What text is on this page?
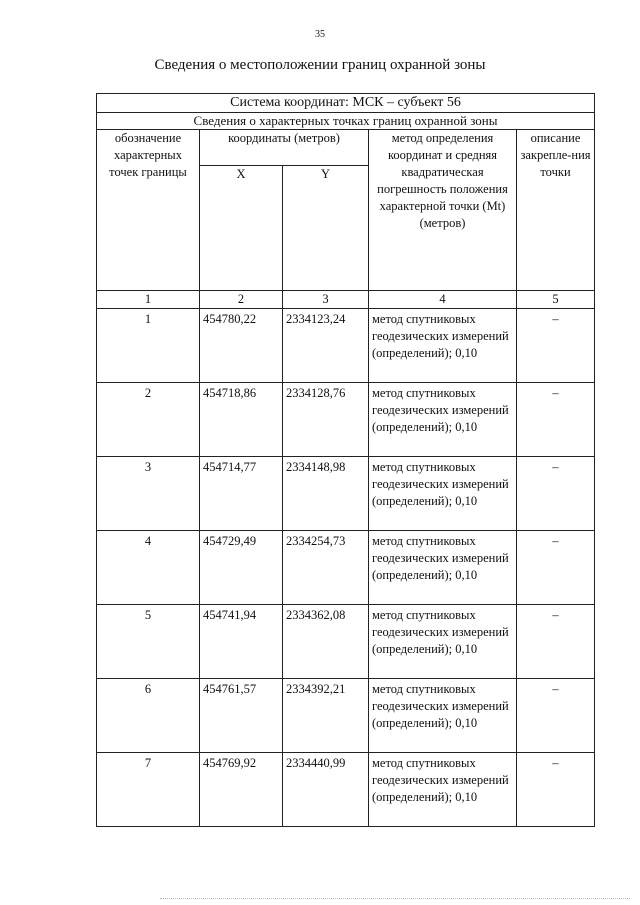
35
Сведения о местоположении границ охранной зоны
Система координат: МСК – субъект 56				
Сведения о характерных точках границ охранной зоны				
обозначение характерных точек границы	координаты (метров)		метод определения координат и средняя квадратическая погрешность положения характерной точки (Mt) (метров)	описание закрепле-ния точки
	X	Y		
1	2	3	4	5
1	454780,22	2334123,24	метод спутниковых геодезических измерений (определений); 0,10	–
2	454718,86	2334128,76	метод спутниковых геодезических измерений (определений); 0,10	–
3	454714,77	2334148,98	метод спутниковых геодезических измерений (определений); 0,10	–
4	454729,49	2334254,73	метод спутниковых геодезических измерений (определений); 0,10	–
5	454741,94	2334362,08	метод спутниковых геодезических измерений (определений); 0,10	–
6	454761,57	2334392,21	метод спутниковых геодезических измерений (определений); 0,10	–
7	454769,92	2334440,99	метод спутниковых геодезических измерений (определений); 0,10	–
